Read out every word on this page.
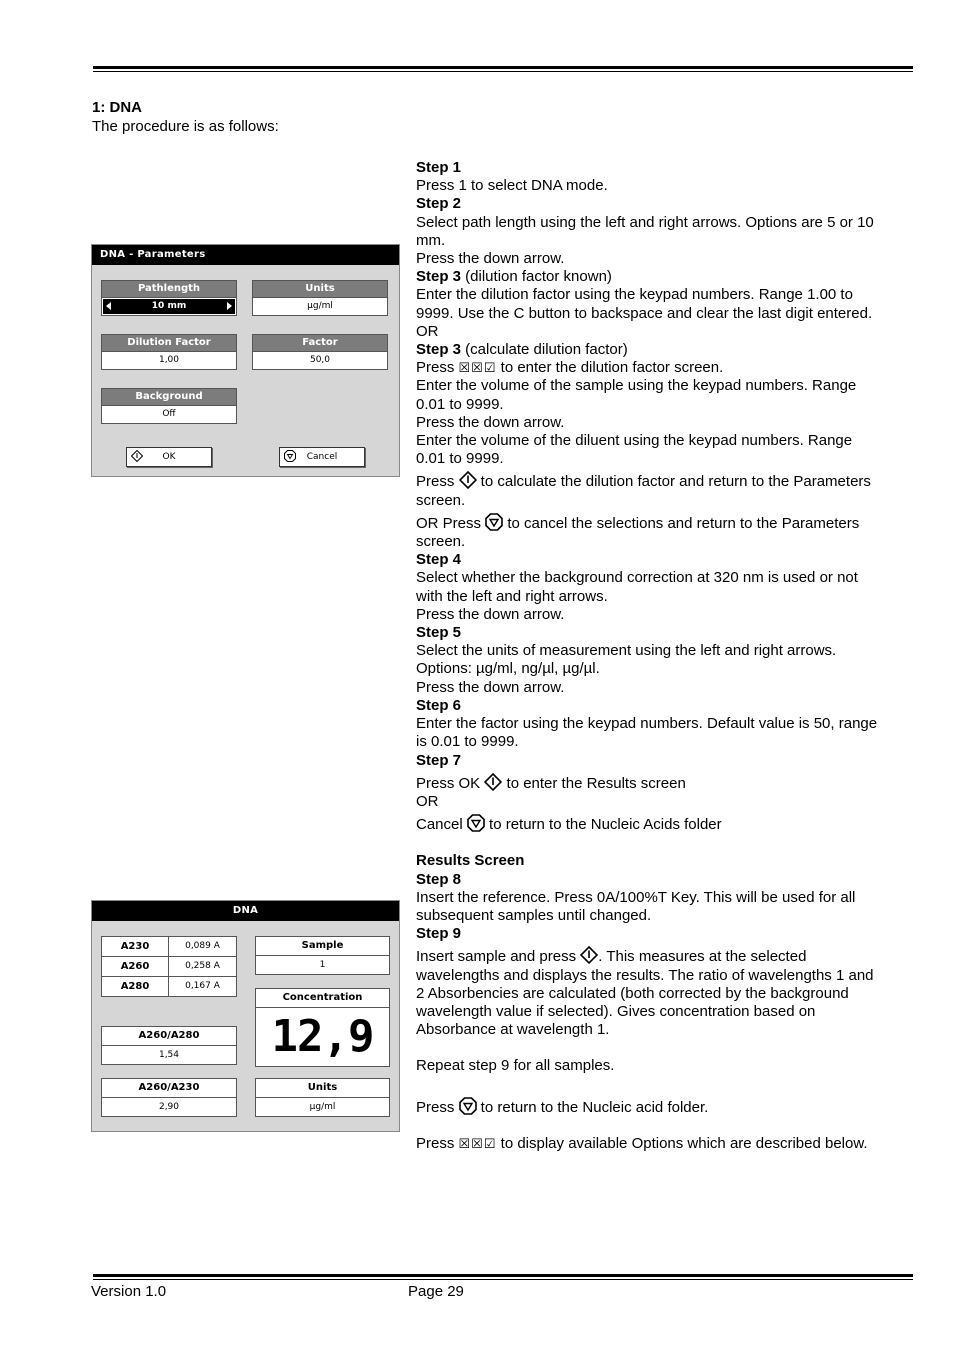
1: DNA
The procedure is as follows:
DNA - Parameters
Pathlength
10 mm
Units
µg/ml
Dilution Factor
1,00
Factor
50,0
Background
Off
OK	Cancel
DNA
A230	0,089 A
A260	0,258 A
A280	0,167 A
Sample
1
Concentration
12,9
A260/A280
1,54
A260/A230
2,90
Units
µg/ml

Step 1

Press 1 to select DNA mode.

Step 2

Select path length using the left and right arrows. Options are 5 or 10 mm.

Press the down arrow.

Step 3 (dilution factor known)

Enter the dilution factor using the keypad numbers. Range 1.00 to 9999. Use the C button to backspace and clear the last digit entered.

OR

Step 3 (calculate dilution factor)

Press ☒☒☑ to enter the dilution factor screen.

Enter the volume of the sample using the keypad numbers. Range 0.01 to 9999.

Press the down arrow.

Enter the volume of the diluent using the keypad numbers. Range 0.01 to 9999.

Press  to calculate the dilution factor and return to the Parameters screen.

OR Press  to cancel the selections and return to the Parameters screen.

Step 4

Select whether the background correction at 320 nm is used or not with the left and right arrows.

Press the down arrow.

Step 5

Select the units of measurement using the left and right arrows. Options: µg/ml, ng/µl, µg/µl.

Press the down arrow.

Step 6

Enter the factor using the keypad numbers. Default value is 50, range is 0.01 to 9999.

Step 7

Press OK  to enter the Results screen

OR

Cancel  to return to the Nucleic Acids folder

Results Screen

Step 8

Insert the reference. Press 0A/100%T Key. This will be used for all subsequent samples until changed.

Step 9

Insert sample and press . This measures at the selected wavelengths and displays the results. The ratio of wavelengths 1 and 2 Absorbencies are calculated (both corrected by the background wavelength value if selected). Gives concentration based on Absorbance at wavelength 1.

Repeat step 9 for all samples.

Press  to return to the Nucleic acid folder.

Press ☒☒☑ to display available Options which are described below.

Version 1.0	Page 29
